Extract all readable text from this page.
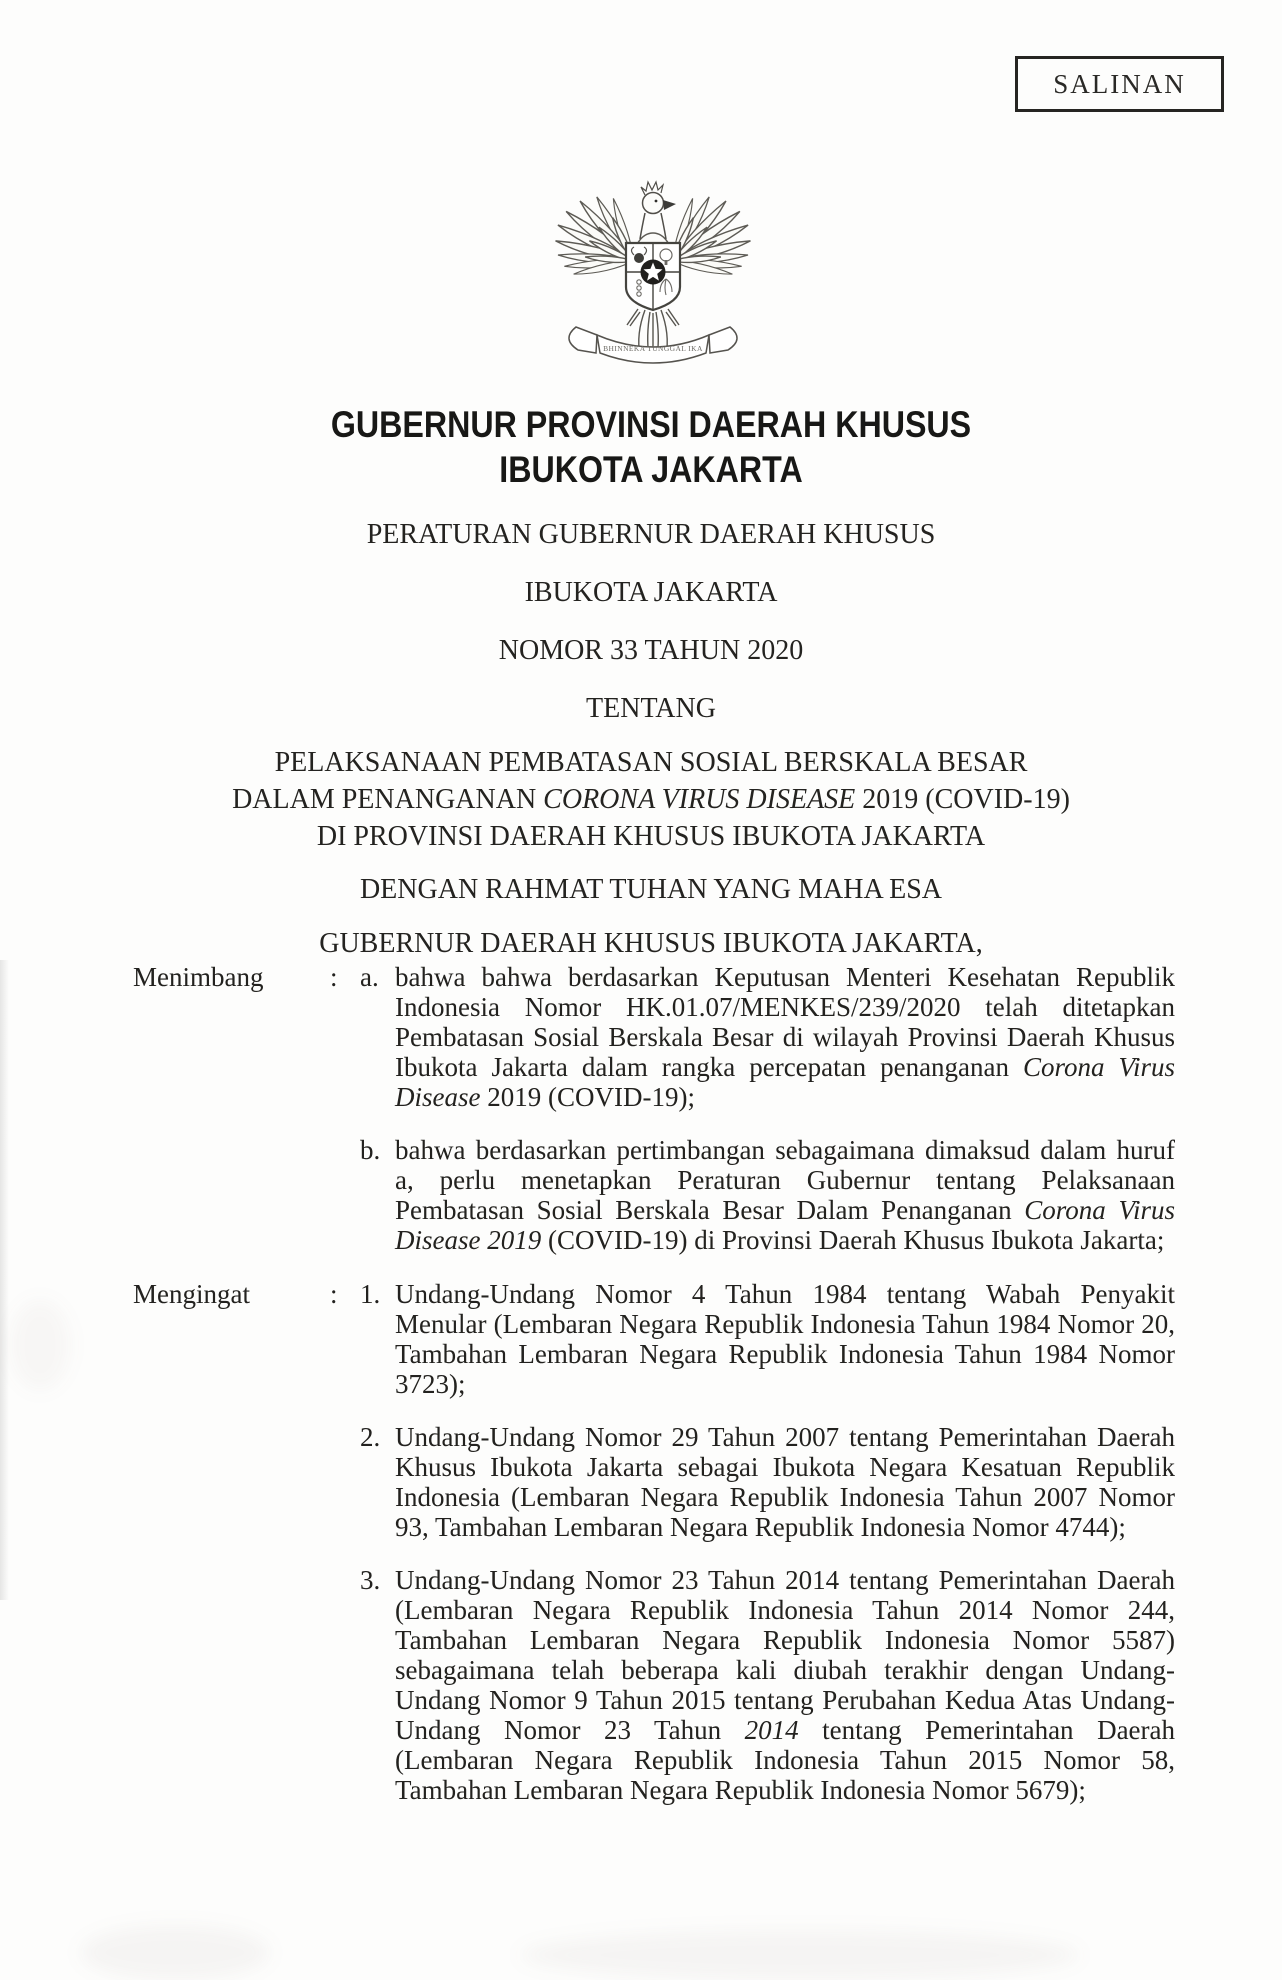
SALINAN
BHINNEKA TUNGGAL IKA
GUBERNUR PROVINSI DAERAH KHUSUS
IBUKOTA JAKARTA
PERATURAN GUBERNUR DAERAH KHUSUS
IBUKOTA JAKARTA
NOMOR 33 TAHUN 2020
TENTANG
PELAKSANAAN PEMBATASAN SOSIAL BERSKALA BESAR
DALAM PENANGANAN CORONA VIRUS DISEASE 2019 (COVID-19)
DI PROVINSI DAERAH KHUSUS IBUKOTA JAKARTA
DENGAN RAHMAT TUHAN YANG MAHA ESA
GUBERNUR DAERAH KHUSUS IBUKOTA JAKARTA,
Menimbang	: a. bahwa bahwa berdasarkan Keputusan Menteri Kesehatan Republik Indonesia Nomor HK.01.07/MENKES/239/2020 telah ditetapkan Pembatasan Sosial Berskala Besar di wilayah Provinsi Daerah Khusus Ibukota Jakarta dalam rangka percepatan penanganan Corona Virus Disease 2019 (COVID-19);
b. bahwa berdasarkan pertimbangan sebagaimana dimaksud dalam huruf a, perlu menetapkan Peraturan Gubernur tentang Pelaksanaan Pembatasan Sosial Berskala Besar Dalam Penanganan Corona Virus Disease 2019 (COVID-19) di Provinsi Daerah Khusus Ibukota Jakarta;
Mengingat	: 1. Undang-Undang Nomor 4 Tahun 1984 tentang Wabah Penyakit Menular (Lembaran Negara Republik Indonesia Tahun 1984 Nomor 20, Tambahan Lembaran Negara Republik Indonesia Tahun 1984 Nomor 3723);
2. Undang-Undang Nomor 29 Tahun 2007 tentang Pemerintahan Daerah Khusus Ibukota Jakarta sebagai Ibukota Negara Kesatuan Republik Indonesia (Lembaran Negara Republik Indonesia Tahun 2007 Nomor 93, Tambahan Lembaran Negara Republik Indonesia Nomor 4744);
3. Undang-Undang Nomor 23 Tahun 2014 tentang Pemerintahan Daerah (Lembaran Negara Republik Indonesia Tahun 2014 Nomor 244, Tambahan Lembaran Negara Republik Indonesia Nomor 5587) sebagaimana telah beberapa kali diubah terakhir dengan Undang-Undang Nomor 9 Tahun 2015 tentang Perubahan Kedua Atas Undang-Undang Nomor 23 Tahun 2014 tentang Pemerintahan Daerah (Lembaran Negara Republik Indonesia Tahun 2015 Nomor 58, Tambahan Lembaran Negara Republik Indonesia Nomor 5679);
